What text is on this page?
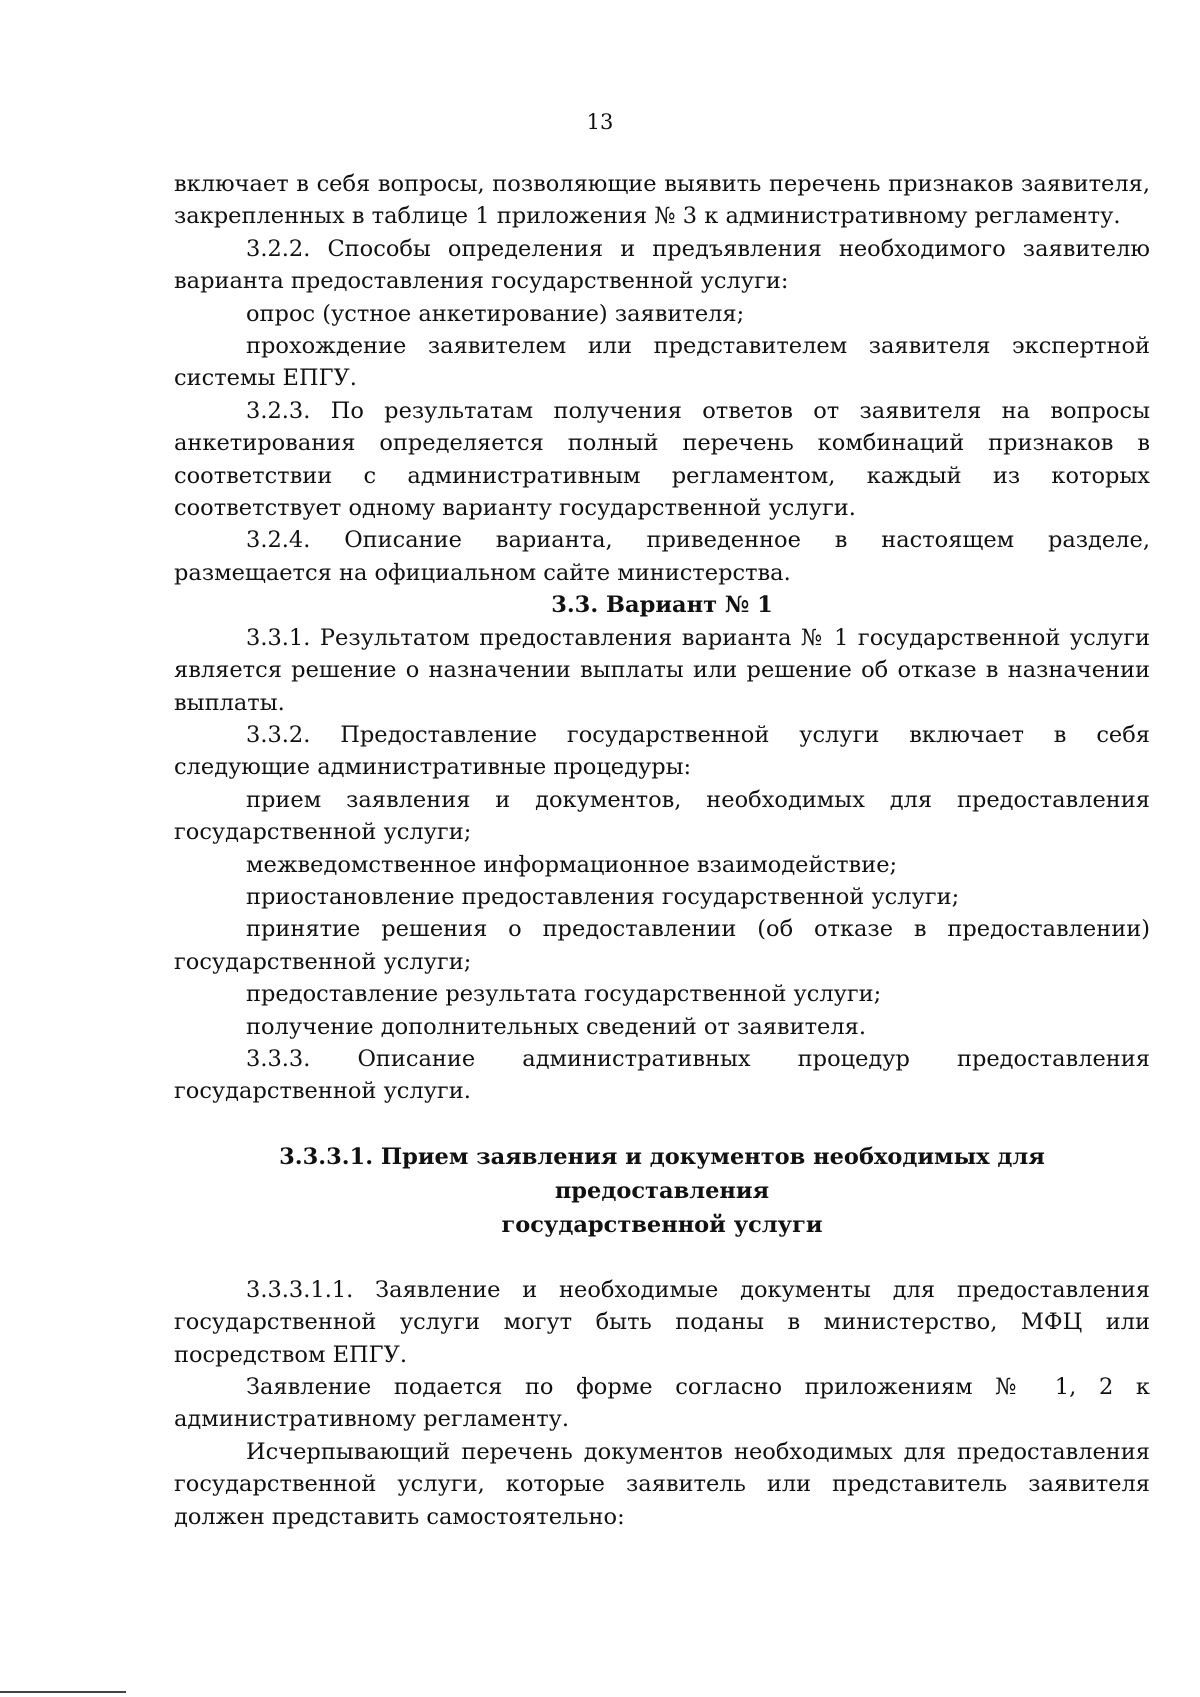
13

включает в себя вопросы, позволяющие выявить перечень признаков заявителя, закрепленных в таблице 1 приложения № 3 к административному регламенту.

3.2.2. Способы определения и предъявления необходимого заявителю варианта предоставления государственной услуги:

опрос (устное анкетирование) заявителя;

прохождение заявителем или представителем заявителя экспертной системы ЕПГУ.

3.2.3. По результатам получения ответов от заявителя на вопросы анкетирования определяется полный перечень комбинаций признаков в соответствии с административным регламентом, каждый из которых соответствует одному варианту государственной услуги.

3.2.4. Описание варианта, приведенное в настоящем разделе, размещается на официальном сайте министерства.

3.3. Вариант № 1

3.3.1. Результатом предоставления варианта № 1 государственной услуги является решение о назначении выплаты или решение об отказе в назначении выплаты.

3.3.2. Предоставление государственной услуги включает в себя следующие административные процедуры:

прием заявления и документов, необходимых для предоставления государственной услуги;

межведомственное информационное взаимодействие;

приостановление предоставления государственной услуги;

принятие решения о предоставлении (об отказе в предоставлении) государственной услуги;

предоставление результата государственной услуги;

получение дополнительных сведений от заявителя.

3.3.3. Описание административных процедур предоставления государственной услуги.

3.3.3.1. Прием заявления и документов необходимых для предоставления
государственной услуги

3.3.3.1.1. Заявление и необходимые документы для предоставления государственной услуги могут быть поданы в министерство, МФЦ или посредством ЕПГУ.

Заявление подается по форме согласно приложениям № 1, 2 к административному регламенту.

Исчерпывающий перечень документов необходимых для предоставления государственной услуги, которые заявитель или представитель заявителя должен представить самостоятельно:
